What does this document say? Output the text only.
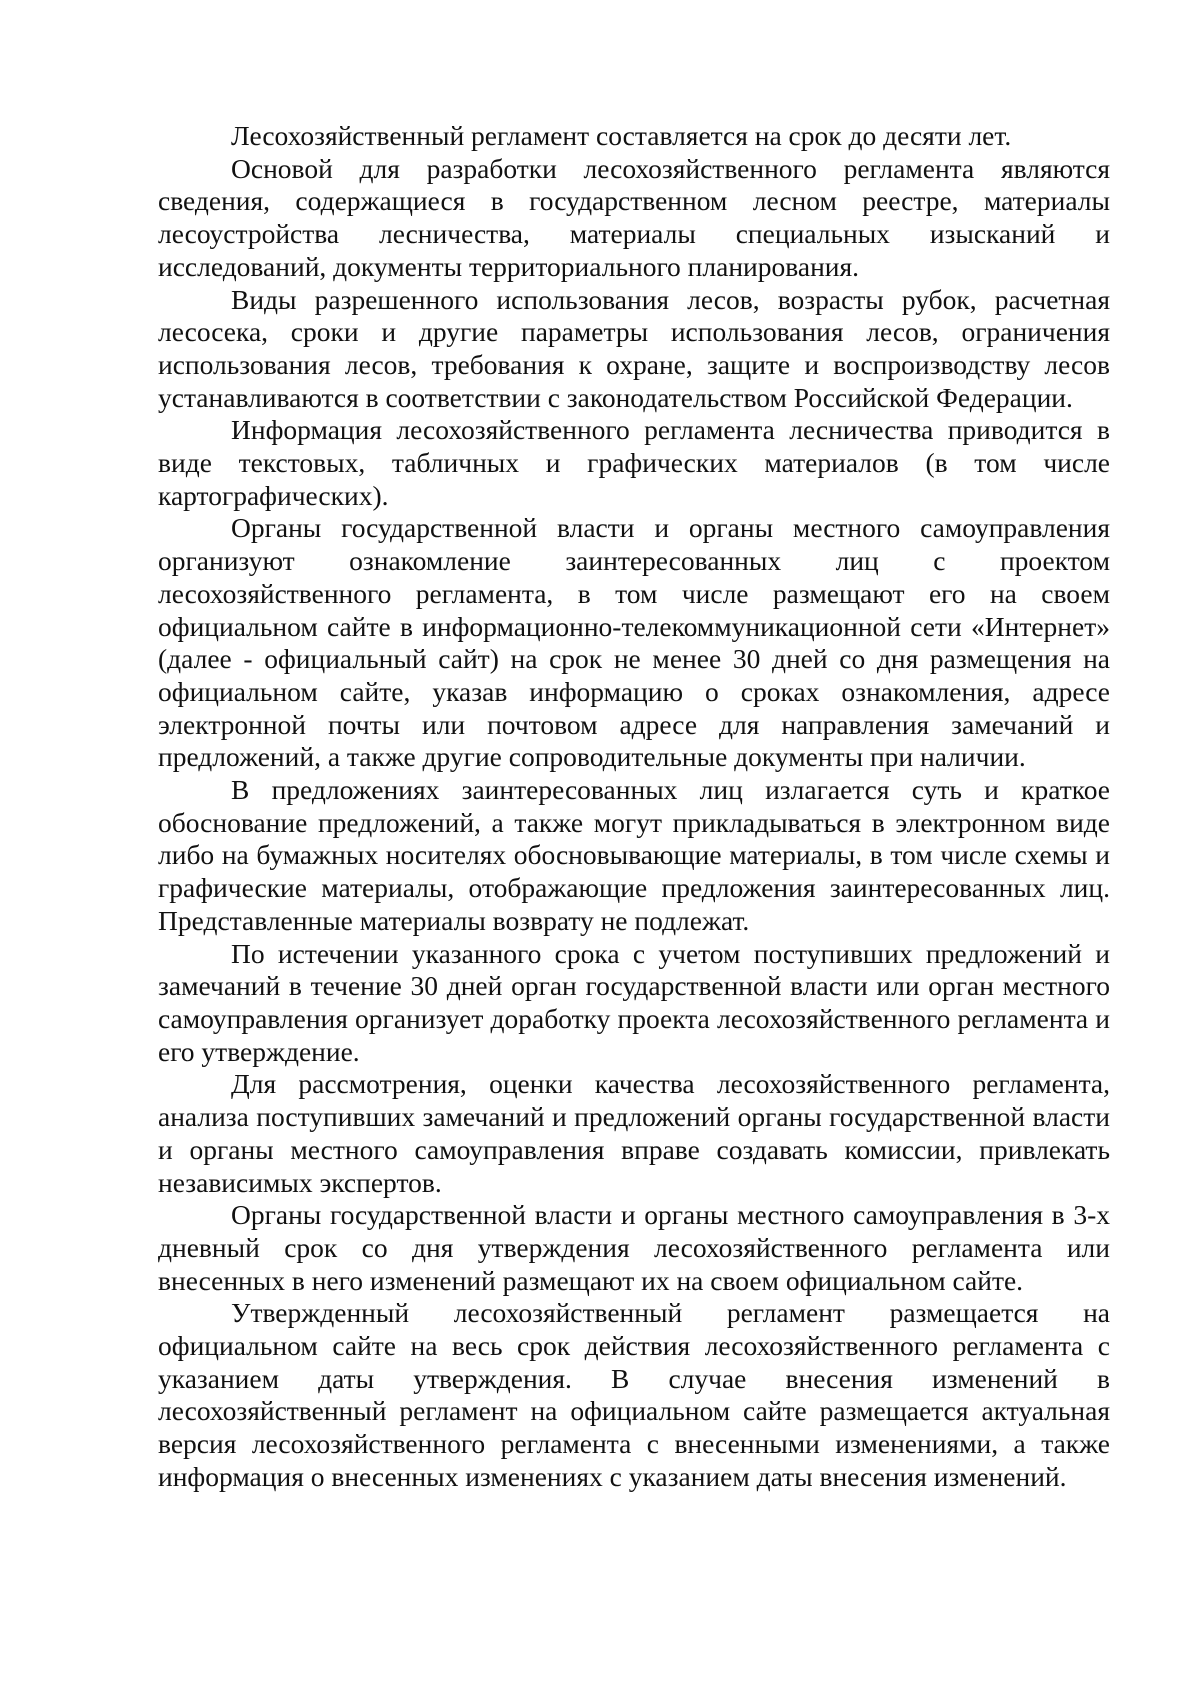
Лесохозяйственный регламент составляется на срок до десяти лет.

Основой для разработки лесохозяйственного регламента являются сведения, содержащиеся в государственном лесном реестре, материалы лесоустройства лесничества, материалы специальных изысканий и исследований, документы территориального планирования.

Виды разрешенного использования лесов, возрасты рубок, расчетная лесосека, сроки и другие параметры использования лесов, ограничения использования лесов, требования к охране, защите и воспроизводству лесов устанавливаются в соответствии с законодательством Российской Федерации.

Информация лесохозяйственного регламента лесничества приводится в виде текстовых, табличных и графических материалов (в том числе картографических).

Органы государственной власти и органы местного самоуправления организуют ознакомление заинтересованных лиц с проектом лесохозяйственного регламента, в том числе размещают его на своем официальном сайте в информационно-телекоммуникационной сети «Интернет» (далее - официальный сайт) на срок не менее 30 дней со дня размещения на официальном сайте, указав информацию о сроках ознакомления, адресе электронной почты или почтовом адресе для направления замечаний и предложений, а также другие сопроводительные документы при наличии.

В предложениях заинтересованных лиц излагается суть и краткое обоснование предложений, а также могут прикладываться в электронном виде либо на бумажных носителях обосновывающие материалы, в том числе схемы и графические материалы, отображающие предложения заинтересованных лиц. Представленные материалы возврату не подлежат.

По истечении указанного срока с учетом поступивших предложений и замечаний в течение 30 дней орган государственной власти или орган местного самоуправления организует доработку проекта лесохозяйственного регламента и его утверждение.

Для рассмотрения, оценки качества лесохозяйственного регламента, анализа поступивших замечаний и предложений органы государственной власти и органы местного самоуправления вправе создавать комиссии, привлекать независимых экспертов.

Органы государственной власти и органы местного самоуправления в 3-х дневный срок со дня утверждения лесохозяйственного регламента или внесенных в него изменений размещают их на своем официальном сайте.

Утвержденный лесохозяйственный регламент размещается на официальном сайте на весь срок действия лесохозяйственного регламента с указанием даты утверждения. В случае внесения изменений в лесохозяйственный регламент на официальном сайте размещается актуальная версия лесохозяйственного регламента с внесенными изменениями, а также информация о внесенных изменениях с указанием даты внесения изменений.
